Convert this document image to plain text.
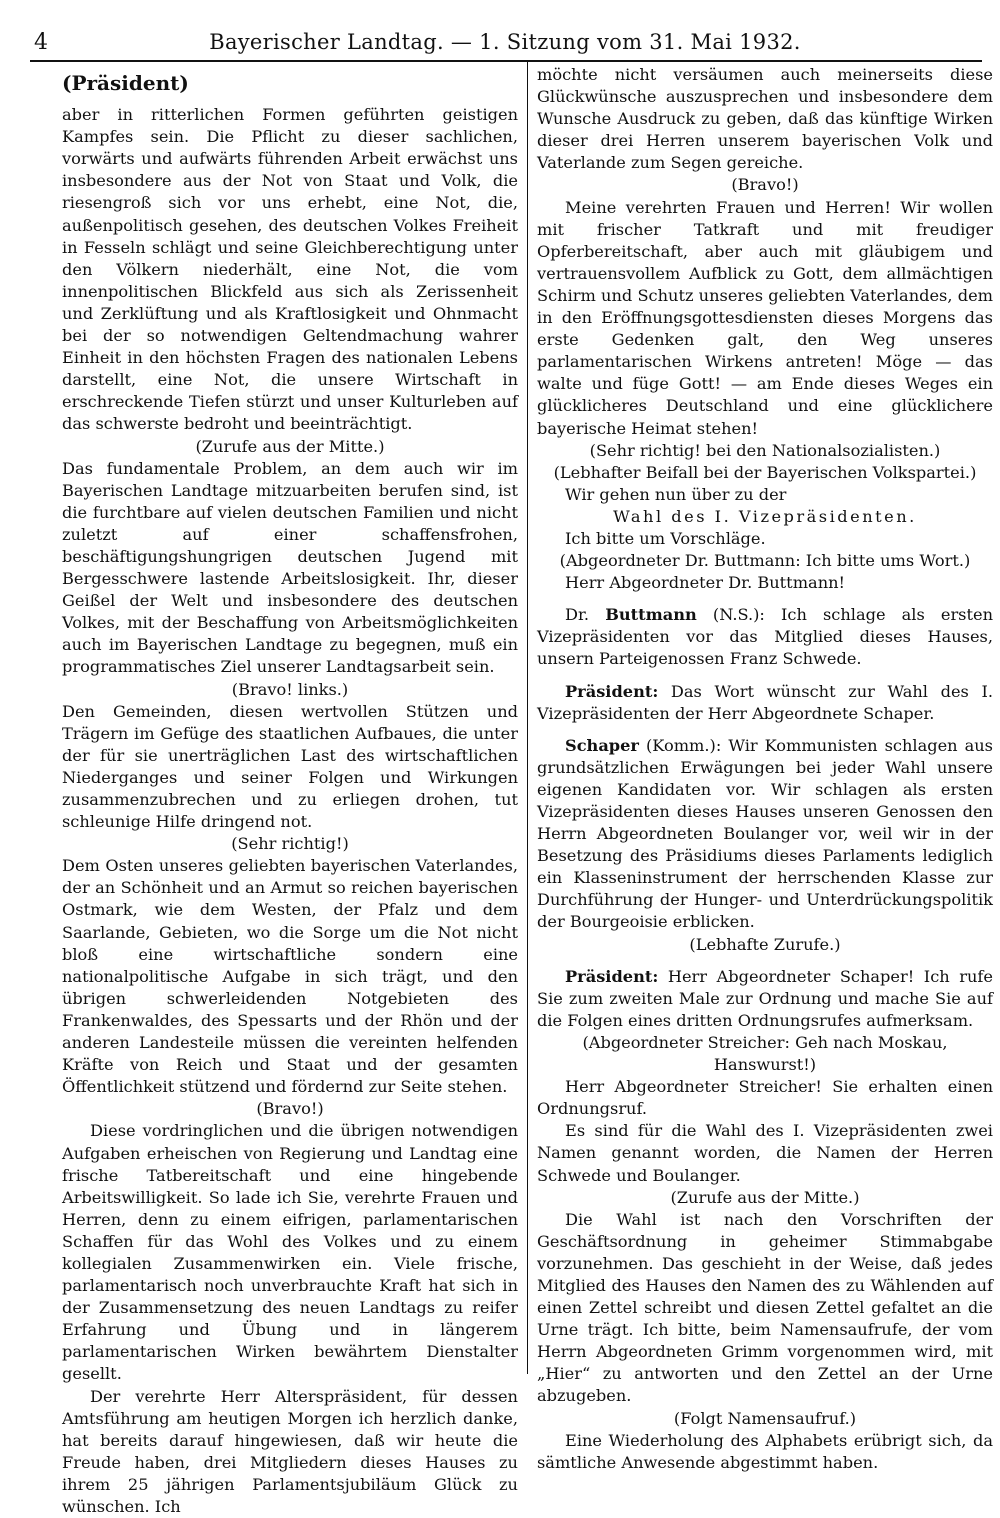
4	Bayerischer Landtag. — 1. Sitzung vom 31. Mai 1932.
(Präsident)

aber in ritterlichen Formen geführten geistigen Kampfes sein. Die Pflicht zu dieser sachlichen, vorwärts und aufwärts führenden Arbeit erwächst uns insbesondere aus der Not von Staat und Volk, die riesengroß sich vor uns erhebt, eine Not, die, außenpolitisch gesehen, des deutschen Volkes Freiheit in Fesseln schlägt und seine Gleichberechtigung unter den Völkern niederhält, eine Not, die vom innenpolitischen Blickfeld aus sich als Zerissenheit und Zerklüftung und als Kraftlosigkeit und Ohnmacht bei der so notwendigen Geltendmachung wahrer Einheit in den höchsten Fragen des nationalen Lebens darstellt, eine Not, die unsere Wirtschaft in erschreckende Tiefen stürzt und unser Kulturleben auf das schwerste bedroht und beeinträchtigt.

(Zurufe aus der Mitte.)

Das fundamentale Problem, an dem auch wir im Bayerischen Landtage mitzuarbeiten berufen sind, ist die furchtbare auf vielen deutschen Familien und nicht zuletzt auf einer schaffensfrohen, beschäftigungshungrigen deutschen Jugend mit Bergesschwere lastende Arbeitslosigkeit. Ihr, dieser Geißel der Welt und insbesondere des deutschen Volkes, mit der Beschaffung von Arbeitsmöglichkeiten auch im Bayerischen Landtage zu begegnen, muß ein programmatisches Ziel unserer Landtagsarbeit sein.

(Bravo! links.)

Den Gemeinden, diesen wertvollen Stützen und Trägern im Gefüge des staatlichen Aufbaues, die unter der für sie unerträglichen Last des wirtschaftlichen Niederganges und seiner Folgen und Wirkungen zusammenzubrechen und zu erliegen drohen, tut schleunige Hilfe dringend not.

(Sehr richtig!)

Dem Osten unseres geliebten bayerischen Vaterlandes, der an Schönheit und an Armut so reichen bayerischen Ostmark, wie dem Westen, der Pfalz und dem Saarlande, Gebieten, wo die Sorge um die Not nicht bloß eine wirtschaftliche sondern eine nationalpolitische Aufgabe in sich trägt, und den übrigen schwerleidenden Notgebieten des Frankenwaldes, des Spessarts und der Rhön und der anderen Landesteile müssen die vereinten helfenden Kräfte von Reich und Staat und der gesamten Öffentlichkeit stützend und fördernd zur Seite stehen.

(Bravo!)

Diese vordringlichen und die übrigen notwendigen Aufgaben erheischen von Regierung und Landtag eine frische Tatbereitschaft und eine hingebende Arbeitswilligkeit. So lade ich Sie, verehrte Frauen und Herren, denn zu einem eifrigen, parlamentarischen Schaffen für das Wohl des Volkes und zu einem kollegialen Zusammenwirken ein. Viele frische, parlamentarisch noch unverbrauchte Kraft hat sich in der Zusammensetzung des neuen Landtags zu reifer Erfahrung und Übung und in längerem parlamentarischen Wirken bewährtem Dienstalter gesellt.

Der verehrte Herr Alterspräsident, für dessen Amtsführung am heutigen Morgen ich herzlich danke, hat bereits darauf hingewiesen, daß wir heute die Freude haben, drei Mitgliedern dieses Hauses zu ihrem 25 jährigen Parlamentsjubiläum Glück zu wünschen. Ich

möchte nicht versäumen auch meinerseits diese Glückwünsche auszusprechen und insbesondere dem Wunsche Ausdruck zu geben, daß das künftige Wirken dieser drei Herren unserem bayerischen Volk und Vaterlande zum Segen gereiche.

(Bravo!)

Meine verehrten Frauen und Herren! Wir wollen mit frischer Tatkraft und mit freudiger Opferbereitschaft, aber auch mit gläubigem und vertrauensvollem Aufblick zu Gott, dem allmächtigen Schirm und Schutz unseres geliebten Vaterlandes, dem in den Eröffnungsgottesdiensten dieses Morgens das erste Gedenken galt, den Weg unseres parlamentarischen Wirkens antreten! Möge — das walte und füge Gott! — am Ende dieses Weges ein glücklicheres Deutschland und eine glücklichere bayerische Heimat stehen!

(Sehr richtig! bei den Nationalsozialisten.)

(Lebhafter Beifall bei der Bayerischen Volkspartei.)

Wir gehen nun über zu der

Wahl des I. Vizepräsidenten.

Ich bitte um Vorschläge.

(Abgeordneter Dr. Buttmann: Ich bitte ums Wort.)

Herr Abgeordneter Dr. Buttmann!

Dr. Buttmann (N.S.): Ich schlage als ersten Vizepräsidenten vor das Mitglied dieses Hauses, unsern Parteigenossen Franz Schwede.

Präsident: Das Wort wünscht zur Wahl des I. Vizepräsidenten der Herr Abgeordnete Schaper.

Schaper (Komm.): Wir Kommunisten schlagen aus grundsätzlichen Erwägungen bei jeder Wahl unsere eigenen Kandidaten vor. Wir schlagen als ersten Vizepräsidenten dieses Hauses unseren Genossen den Herrn Abgeordneten Boulanger vor, weil wir in der Besetzung des Präsidiums dieses Parlaments lediglich ein Klasseninstrument der herrschenden Klasse zur Durchführung der Hunger- und Unterdrückungspolitik der Bourgeoisie erblicken.

(Lebhafte Zurufe.)

Präsident: Herr Abgeordneter Schaper! Ich rufe Sie zum zweiten Male zur Ordnung und mache Sie auf die Folgen eines dritten Ordnungsrufes aufmerksam.

(Abgeordneter Streicher: Geh nach Moskau, Hanswurst!)

Herr Abgeordneter Streicher! Sie erhalten einen Ordnungsruf.

Es sind für die Wahl des I. Vizepräsidenten zwei Namen genannt worden, die Namen der Herren Schwede und Boulanger.

(Zurufe aus der Mitte.)

Die Wahl ist nach den Vorschriften der Geschäftsordnung in geheimer Stimmabgabe vorzunehmen. Das geschieht in der Weise, daß jedes Mitglied des Hauses den Namen des zu Wählenden auf einen Zettel schreibt und diesen Zettel gefaltet an die Urne trägt. Ich bitte, beim Namensaufrufe, der vom Herrn Abgeordneten Grimm vorgenommen wird, mit „Hier“ zu antworten und den Zettel an der Urne abzugeben.

(Folgt Namensaufruf.)

Eine Wiederholung des Alphabets erübrigt sich, da sämtliche Anwesende abgestimmt haben.
